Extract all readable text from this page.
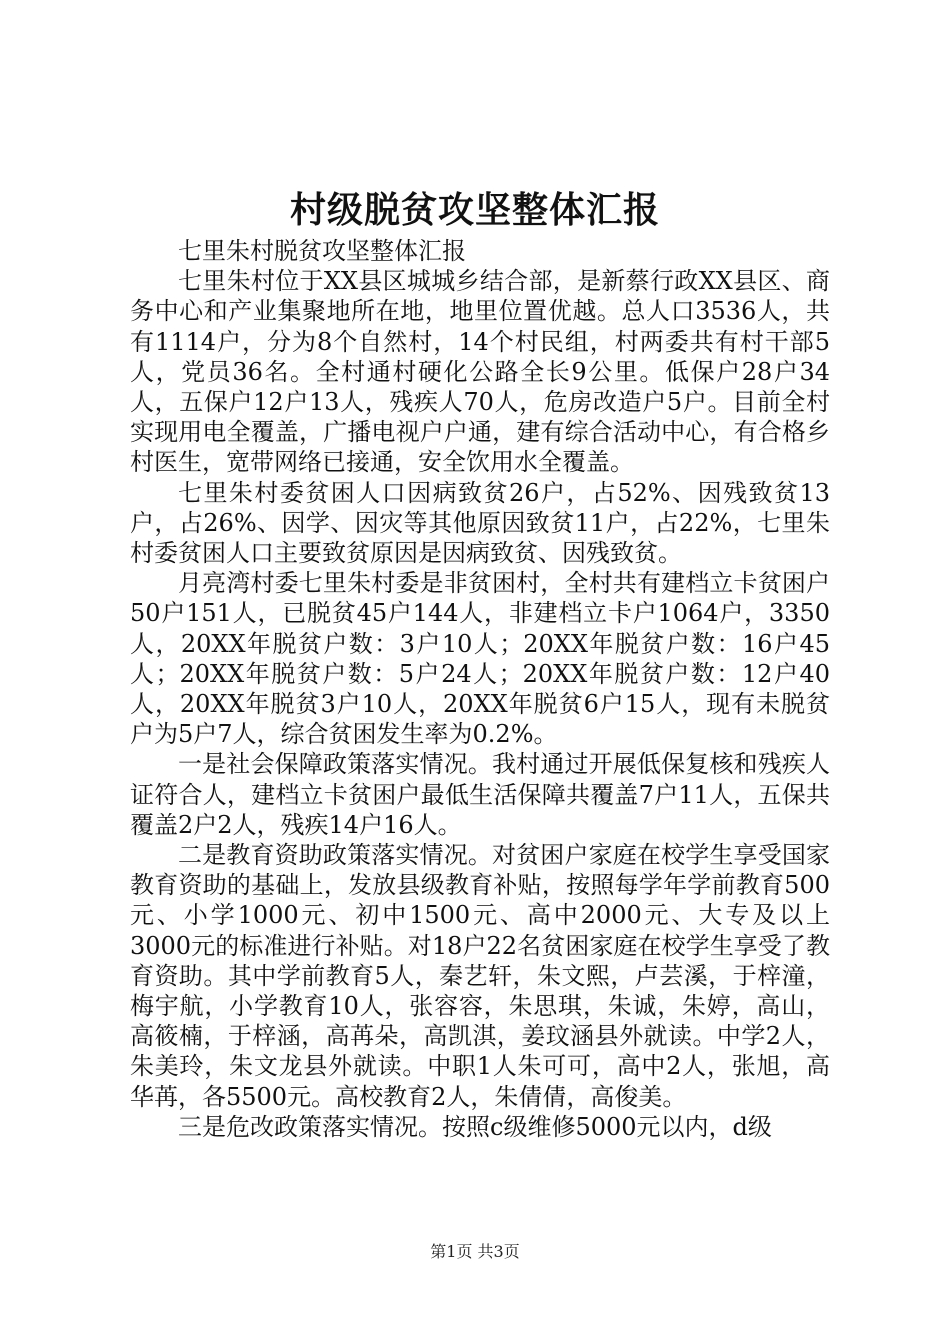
村级脱贫攻坚整体汇报

七里朱村脱贫攻坚整体汇报

七里朱村位于XX县区城城乡结合部，是新蔡行政XX县区、商务中心和产业集聚地所在地，地里位置优越。总人口3536人，共有1114户，分为8个自然村，14个村民组，村两委共有村干部5人，党员36名。全村通村硬化公路全长9公里。低保户28户34人，五保户12户13人，残疾人70人，危房改造户5户。目前全村实现用电全覆盖，广播电视户户通，建有综合活动中心，有合格乡村医生，宽带网络已接通，安全饮用水全覆盖。

七里朱村委贫困人口因病致贫26户，占52%、因残致贫13户，占26%、因学、因灾等其他原因致贫11户，占22%，七里朱村委贫困人口主要致贫原因是因病致贫、因残致贫。

月亮湾村委七里朱村委是非贫困村，全村共有建档立卡贫困户50户151人，已脱贫45户144人，非建档立卡户1064户，3350人，20XX年脱贫户数：3户10人；20XX年脱贫户数：16户45人；20XX年脱贫户数：5户24人；20XX年脱贫户数：12户40人，20XX年脱贫3户10人，20XX年脱贫6户15人，现有未脱贫户为5户7人，综合贫困发生率为0.2%。

一是社会保障政策落实情况。我村通过开展低保复核和残疾人证符合人，建档立卡贫困户最低生活保障共覆盖7户11人，五保共覆盖2户2人，残疾14户16人。

二是教育资助政策落实情况。对贫困户家庭在校学生享受国家教育资助的基础上，发放县级教育补贴，按照每学年学前教育500元、小学1000元、初中1500元、高中2000元、大专及以上3000元的标准进行补贴。对18户22名贫困家庭在校学生享受了教育资助。其中学前教育5人，秦艺轩，朱文熙，卢芸溪，于梓潼，梅宇航，小学教育10人，张容容，朱思琪，朱诚，朱婷，高山，高筱楠，于梓涵，高苒朵，高凯淇，姜玟涵县外就读。中学2人，朱美玲，朱文龙县外就读。中职1人朱可可，高中2人，张旭，高华苒，各5500元。高校教育2人，朱倩倩，高俊美。

三是危改政策落实情况。按照c级维修5000元以内，d级

第1页 共3页
